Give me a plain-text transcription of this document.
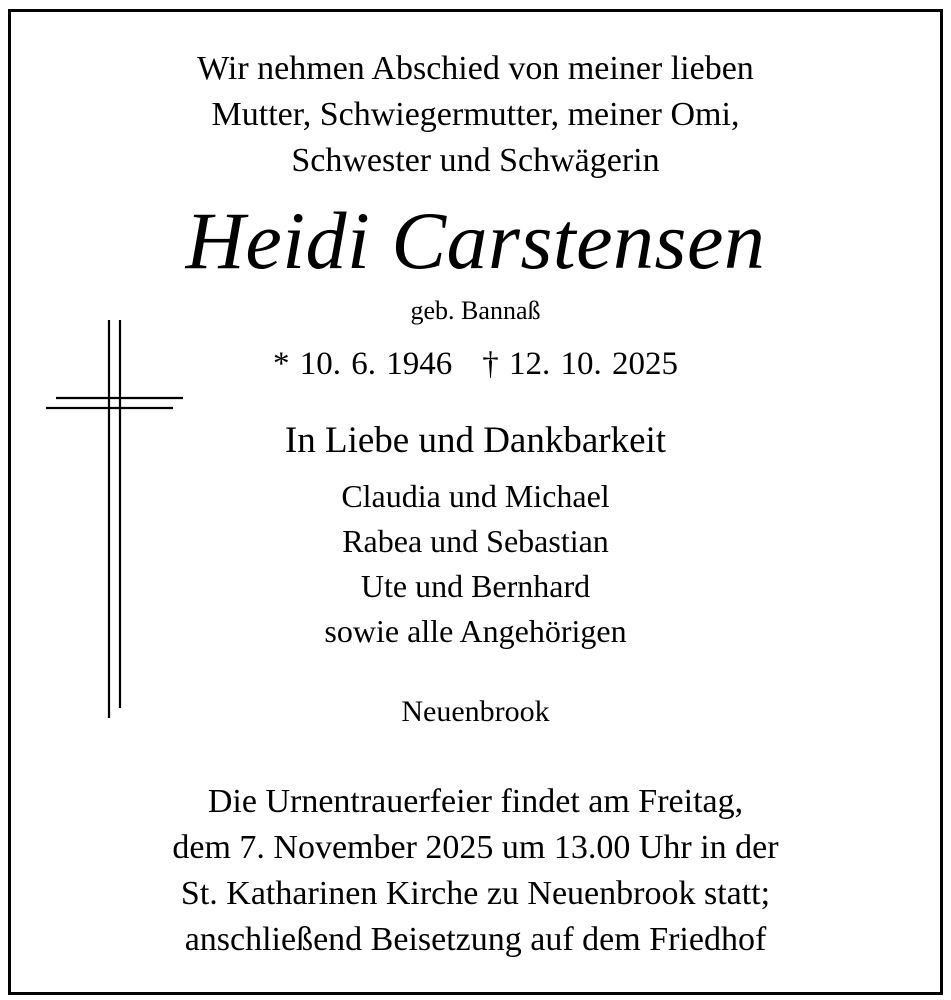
Wir nehmen Abschied von meiner lieben
Mutter, Schwiegermutter, meiner Omi,
Schwester und Schwägerin
Heidi Carstensen
geb. Bannaß
* 10. 6. 1946 † 12. 10. 2025
In Liebe und Dankbarkeit
Claudia und Michael
Rabea und Sebastian
Ute und Bernhard
sowie alle Angehörigen
Neuenbrook
Die Urnentrauerfeier findet am Freitag,
dem 7. November 2025 um 13.00 Uhr in der
St. Katharinen Kirche zu Neuenbrook statt;
anschließend Beisetzung auf dem Friedhof
